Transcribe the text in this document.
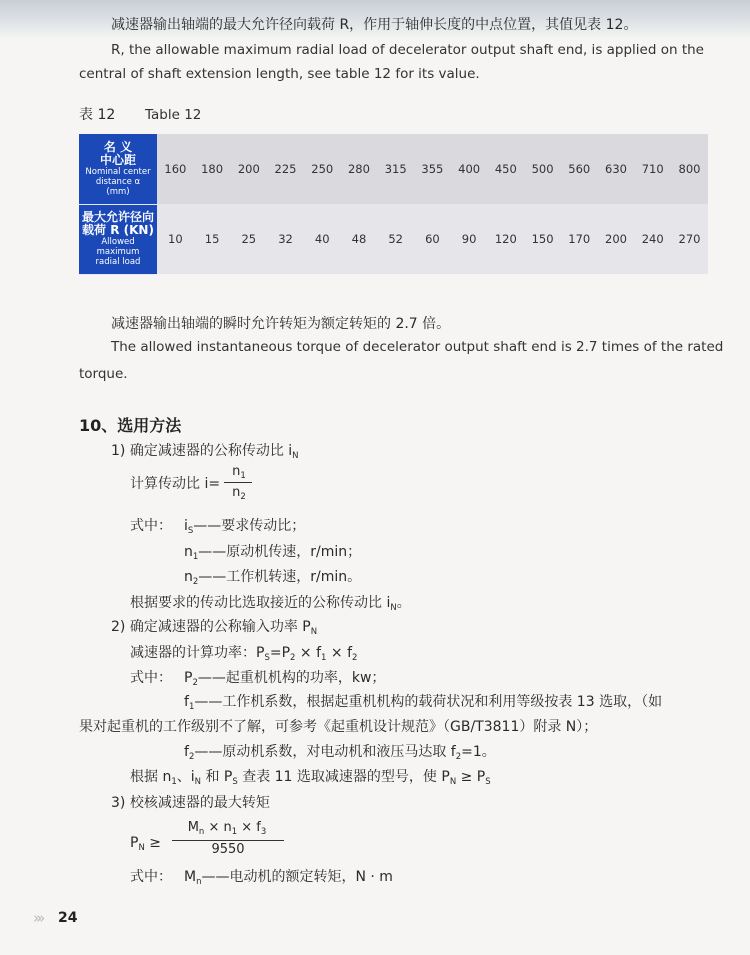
减速器输出轴端的最大允许径向载荷 R，作用于轴伸长度的中点位置，其值见表 12。
R, the allowable maximum radial load of decelerator output shaft end, is applied on the
central of shaft extension length, see table 12 for its value.
表 12 Table 12
名 义
中心距
Nominal center distance α (mm)	160	180	200	225	250	280	315	355	400	450	500	560	630	710	800

最大允许径向
载荷 R (KN)
Allowed maximum radial load	10	15	25	32	40	48	52	60	90	120	150	170	200	240	270
减速器输出轴端的瞬时允许转矩为额定转矩的 2.7 倍。
The allowed instantaneous torque of decelerator output shaft end is 2.7 times of the rated
torque.
10、选用方法
1) 确定减速器的公称传动比 $i_N$
计算传动比 i=
$n_1$
$n_2$
式中： $i_S——$要求传动比；
$n_1——$原动机传速，r/min；
$n_2——$工作机转速，r/min。
根据要求的传动比选取接近的公称传动比 $i_N$。
2) 确定减速器的公称输入功率 $P_N$
减速器的计算功率：$P_S=P_2 \times f_1 \times f_2$
式中： $P_2——$起重机机构的功率，kw；
$f_1——$工作机系数，根据起重机机构的载荷状况和利用等级按表 13 选取，（如
果对起重机的工作级别不了解，可参考《起重机设计规范》（GB/T3811）附录 N）；
$f_2——$原动机系数，对电动机和液压马达取 $f_2=1$。
根据 $n_1$、$i_N$ 和 $P_S$ 查表 11 选取减速器的型号，使 $P_N \ge P_S$
3) 校核减速器的最大转矩
$P_N$ ≥
$M_n \times n_1 \times f_3$
9550
式中： $M_n——$电动机的额定转矩，N · m
»» 24
